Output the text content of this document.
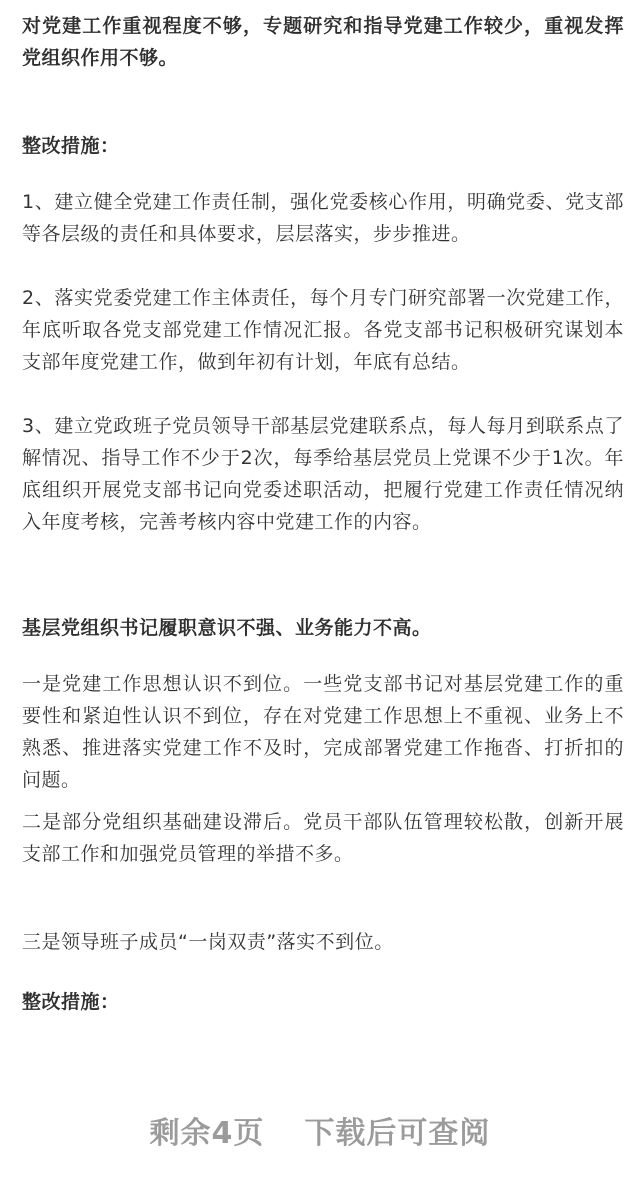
对党建工作重视程度不够，专题研究和指导党建工作较少，重视发挥党组织作用不够。

整改措施：

1、建立健全党建工作责任制，强化党委核心作用，明确党委、党支部等各层级的责任和具体要求，层层落实，步步推进。

2、落实党委党建工作主体责任，每个月专门研究部署一次党建工作，年底听取各党支部党建工作情况汇报。各党支部书记积极研究谋划本支部年度党建工作，做到年初有计划，年底有总结。

3、建立党政班子党员领导干部基层党建联系点，每人每月到联系点了解情况、指导工作不少于2次，每季给基层党员上党课不少于1次。年底组织开展党支部书记向党委述职活动，把履行党建工作责任情况纳入年度考核，完善考核内容中党建工作的内容。

基层党组织书记履职意识不强、业务能力不高。

一是党建工作思想认识不到位。一些党支部书记对基层党建工作的重要性和紧迫性认识不到位，存在对党建工作思想上不重视、业务上不熟悉、推进落实党建工作不及时，完成部署党建工作拖沓、打折扣的问题。

二是部分党组织基础建设滞后。党员干部队伍管理较松散，创新开展支部工作和加强党员管理的举措不多。

三是领导班子成员“一岗双责”落实不到位。

整改措施：

剩余4页 下载后可查阅
